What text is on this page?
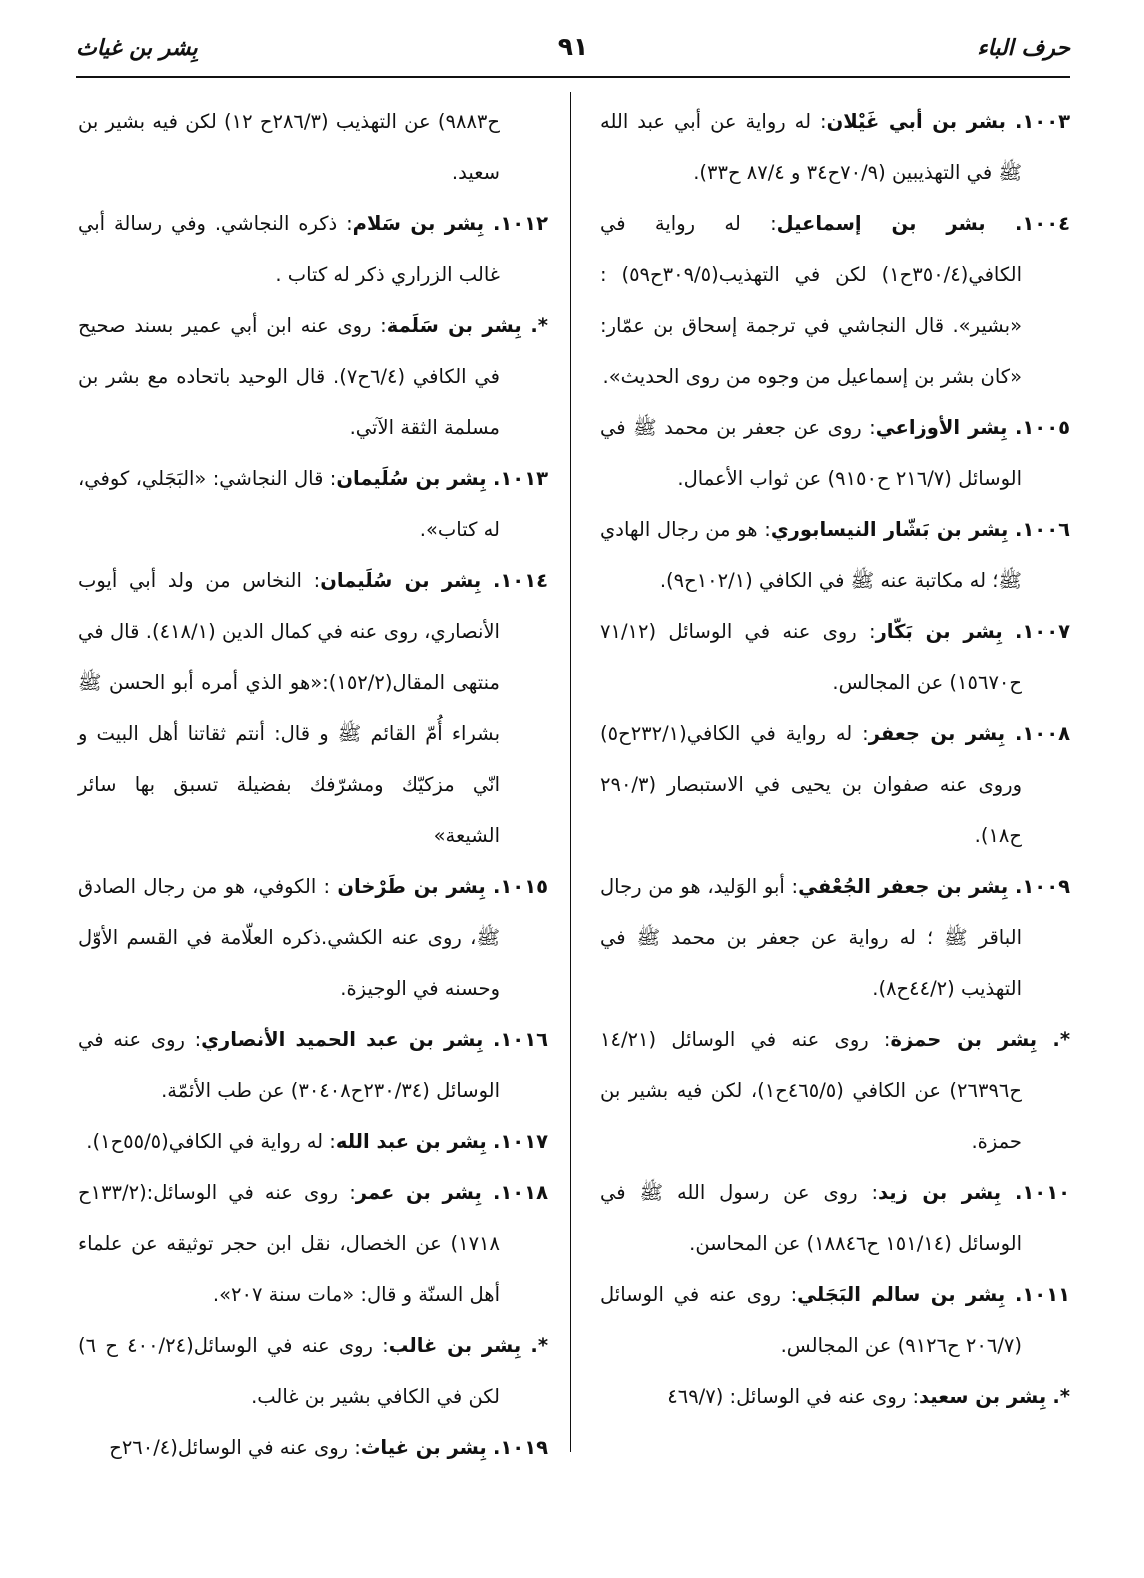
حرف الباء
٩١
بِشر بن غياث

١٠٠٣. بشر بن أبي غَيْلان: له رواية عن أبي عبد الله ﷺ في التهذيبين (٧٠/٩ح٣٤ و ٨٧/٤ ح٣٣).

١٠٠٤. بشر بن إسماعيل: له رواية في الكافي(٣٥٠/٤ح١) لكن في التهذيب(٣٠٩/٥ح٥٩) : «بشير». قال النجاشي في ترجمة إسحاق بن عمّار: «كان بشر بن إسماعيل من وجوه من روى الحديث».

١٠٠٥. بِشر الأوزاعي: روى عن جعفر بن محمد ﷺ في الوسائل (٢١٦/٧ ح٩١٥٠) عن ثواب الأعمال.

١٠٠٦. بِشر بن بَشّار النيسابوري: هو من رجال الهادي ﷺ؛ له مكاتبة عنه ﷺ في الكافي (١٠٢/١ح٩).

١٠٠٧. بِشر بن بَكّار: روى عنه في الوسائل (٧١/١٢ ح١٥٦٧٠) عن المجالس.

١٠٠٨. بِشر بن جعفر: له رواية في الكافي(٢٣٢/١ح٥) وروى عنه صفوان بن يحيى في الاستبصار (٢٩٠/٣ ح١٨).

١٠٠٩. بِشر بن جعفر الجُعْفي: أبو الوَليد، هو من رجال الباقر ﷺ ؛ له رواية عن جعفر بن محمد ﷺ في التهذيب (٤٤/٢ح٨).

*. بِشر بن حمزة: روى عنه في الوسائل (١٤/٢١ ح٢٦٣٩٦) عن الكافي (٤٦٥/٥ح١)، لكن فيه بشير بن حمزة.

١٠١٠. بِشر بن زيد: روى عن رسول الله ﷺ في الوسائل (١٥١/١٤ ح١٨٨٤٦) عن المحاسن.

١٠١١. بِشر بن سالم البَجَلي: روى عنه في الوسائل (٢٠٦/٧ ح٩١٢٦) عن المجالس.

*. بِشر بن سعيد: روى عنه في الوسائل: (٤٦٩/٧

ح٩٨٨٣) عن التهذيب (٢٨٦/٣ح ١٢) لكن فيه بشير بن سعيد.

١٠١٢. بِشر بن سَلام: ذكره النجاشي. وفي رسالة أبي غالب الزراري ذكر له كتاب .

*. بِشر بن سَلَمة: روى عنه ابن أبي عمير بسند صحيح في الكافي (٦/٤ح٧). قال الوحيد باتحاده مع بشر بن مسلمة الثقة الآتي.

١٠١٣. بِشر بن سُلَيمان: قال النجاشي: «البَجَلي، كوفي، له كتاب».

١٠١٤. بِشر بن سُلَيمان: النخاس من ولد أبي أيوب الأنصاري، روى عنه في كمال الدين (٤١٨/١). قال في منتهى المقال(١٥٢/٢):«هو الذي أمره أبو الحسن ﷺ بشراء أُمّ القائم ﷺ و قال: أنتم ثقاتنا أهل البيت و انّي مزكيّك ومشرّفك بفضيلة تسبق بها سائر الشيعة»

١٠١٥. بِشر بن طَرْخان : الكوفي، هو من رجال الصادق ﷺ، روى عنه الكشي.ذكره العلّامة في القسم الأوّل وحسنه في الوجيزة.

١٠١٦. بِشر بن عبد الحميد الأنصاري: روى عنه في الوسائل (٢٣٠/٣٤ح٣٠٤٠٨) عن طب الأئمّة.

١٠١٧. بِشر بن عبد الله: له رواية في الكافي(٥٥/٥ح١).

١٠١٨. بِشر بن عمر: روى عنه في الوسائل:(١٣٣/٢ح ١٧١٨) عن الخصال، نقل ابن حجر توثيقه عن علماء أهل السنّة و قال: «مات سنة ٢٠٧».

*. بِشر بن غالب: روى عنه في الوسائل(٤٠٠/٢٤ ح ٦) لكن في الكافي بشير بن غالب.

١٠١٩. بِشر بن غياث: روى عنه في الوسائل(٢٦٠/٤ح
